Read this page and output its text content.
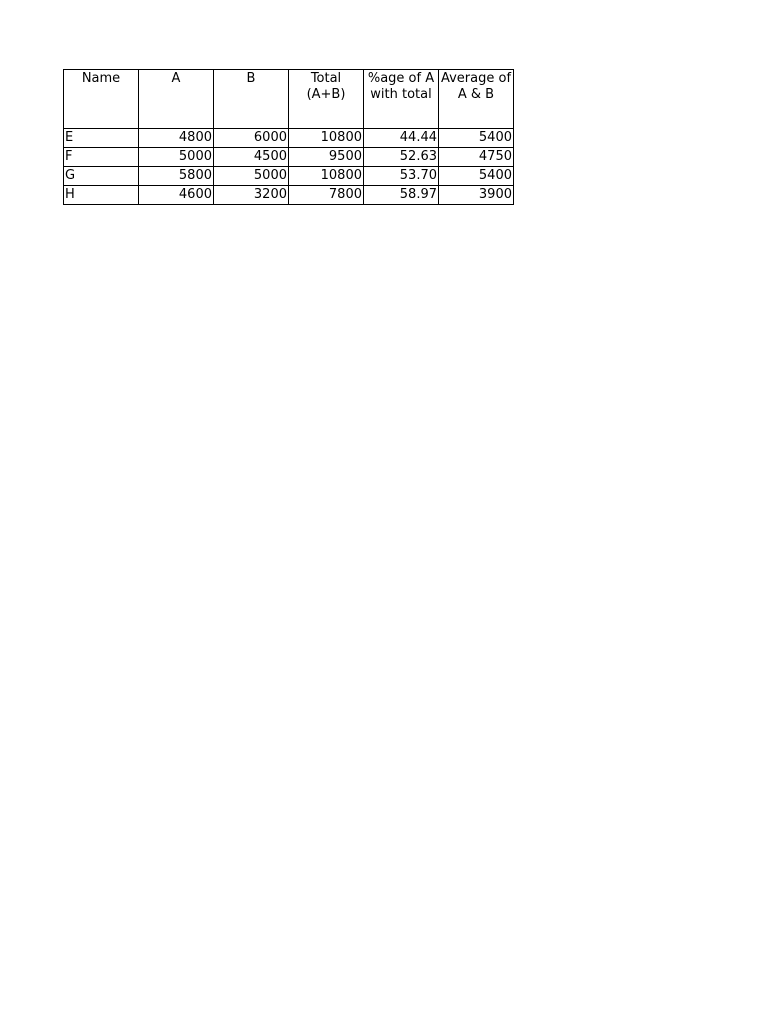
Name	A	B	Total (A+B)	%age of A with total	Average of A & B
E	4800	6000	10800	44.44	5400
F	5000	4500	9500	52.63	4750
G	5800	5000	10800	53.70	5400
H	4600	3200	7800	58.97	3900
